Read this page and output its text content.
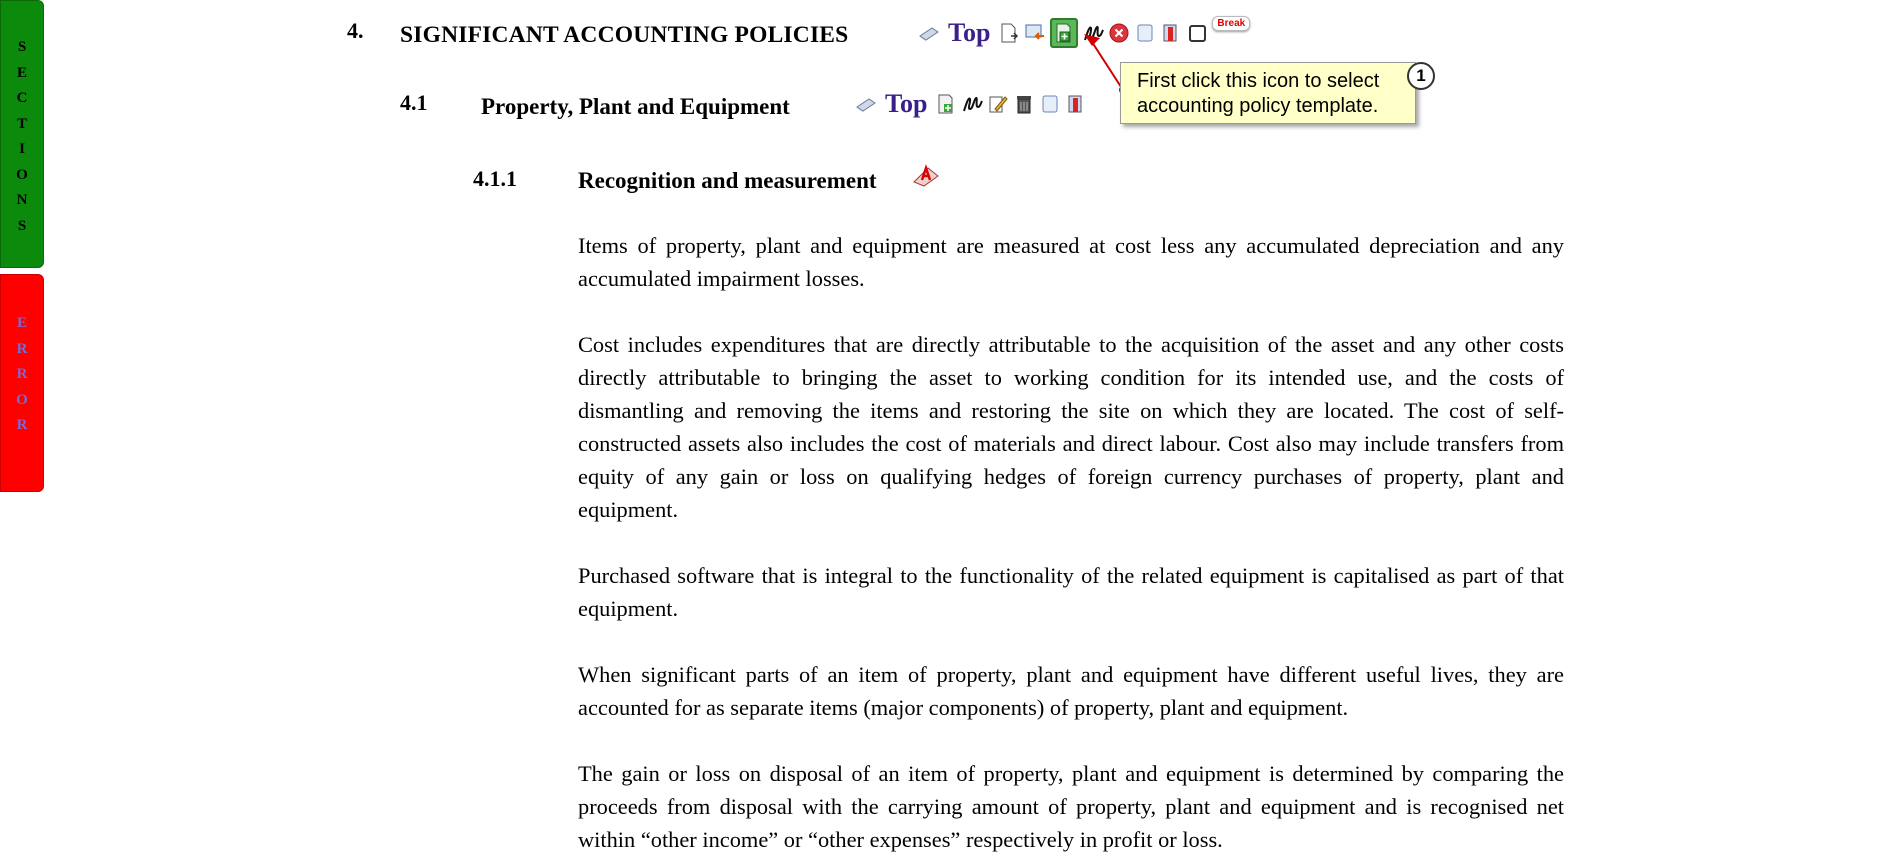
S
E
C
T
I
O
N
S
E
R
R
O
R
4. SIGNIFICANT ACCOUNTING POLICIES	Top	Break
4.1 Property, Plant and Equipment	Top
First click this icon to select accounting policy template.
1
4.1.1	Recognition and measurement

Items of property, plant and equipment are measured at cost less any accumulated depreciation and any accumulated impairment losses.

Cost includes expenditures that are directly attributable to the acquisition of the asset and any other costs directly attributable to bringing the asset to working condition for its intended use, and the costs of dismantling and removing the items and restoring the site on which they are located. The cost of self-constructed assets also includes the cost of materials and direct labour. Cost also may include transfers from equity of any gain or loss on qualifying hedges of foreign currency purchases of property, plant and equipment.

Purchased software that is integral to the functionality of the related equipment is capitalised as part of that equipment.

When significant parts of an item of property, plant and equipment have different useful lives, they are accounted for as separate items (major components) of property, plant and equipment.

The gain or loss on disposal of an item of property, plant and equipment is determined by comparing the proceeds from disposal with the carrying amount of property, plant and equipment and is recognised net within “other income” or “other expenses” respectively in profit or loss.
